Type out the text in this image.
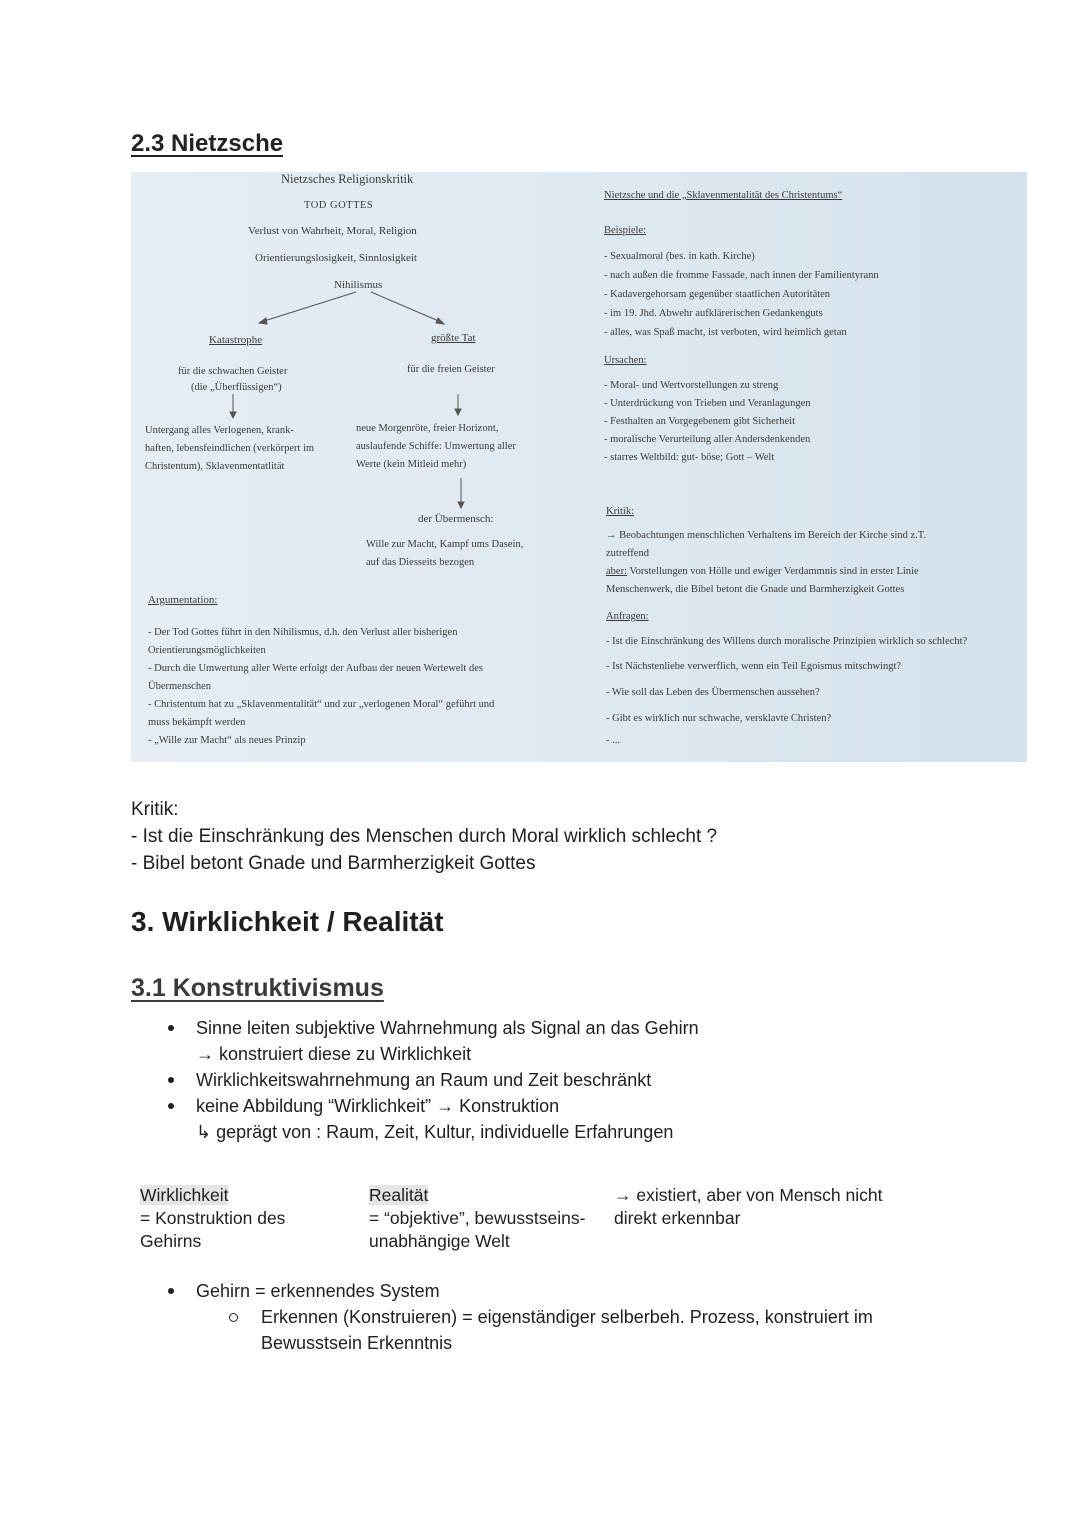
2.3 Nietzsche
Nietzsches Religionskritik
TOD GOTTES
Verlust von Wahrheit, Moral, Religion
Orientierungslosigkeit, Sinnlosigkeit
Nihilismus
Katastrophe	größte Tat
für die schwachen Geister
(die „Überflüssigen“)
für die freien Geister
Untergang alles Verlogenen, krank-
haften, lebensfeindlichen (verkörpert im
Christentum), Sklavenmentatlität
neue Morgenröte, freier Horizont,
auslaufende Schiffe: Umwertung aller
Werte (kein Mitleid mehr)
der Übermensch:
Wille zur Macht, Kampf ums Dasein,
auf das Diesseits bezogen
Argumentation:
- Der Tod Gottes führt in den Nihilismus, d.h. den Verlust aller bisherigen
Orientierungsmöglichkeiten
- Durch die Umwertung aller Werte erfolgt der Aufbau der neuen Wertewelt des
Übermenschen
- Christentum hat zu „Sklavenmentalität“ und zur „verlogenen Moral“ geführt und
muss bekämpft werden
- „Wille zur Macht“ als neues Prinzip
Nietzsche und die „Sklavenmentalität des Christentums“
Beispiele:
- Sexualmoral (bes. in kath. Kirche)
- nach außen die fromme Fassade, nach innen der Familientyrann
- Kadavergehorsam gegenüber staatlichen Autoritäten
- im 19. Jhd. Abwehr aufklärerischen Gedankenguts
- alles, was Spaß macht, ist verboten, wird heimlich getan
Ursachen:
- Moral- und Wertvorstellungen zu streng
- Unterdrückung von Trieben und Veranlagungen
- Festhalten an Vorgegebenem gibt Sicherheit
- moralische Verurteilung aller Andersdenkenden
- starres Weltbild: gut- böse; Gott – Welt
Kritik:
→ Beobachtungen menschlichen Verhaltens im Bereich der Kirche sind z.T.
zutreffend
aber: Vorstellungen von Hölle und ewiger Verdammnis sind in erster Linie
Menschenwerk, die Bibel betont die Gnade und Barmherzigkeit Gottes
Anfragen:
- Ist die Einschränkung des Willens durch moralische Prinzipien wirklich so schlecht?
- Ist Nächstenliebe verwerflich, wenn ein Teil Egoismus mitschwingt?
- Wie soll das Leben des Übermenschen aussehen?
- Gibt es wirklich nur schwache, versklavte Christen?
- ...
Kritik:
- Ist die Einschränkung des Menschen durch Moral wirklich schlecht ?
- Bibel betont Gnade und Barmherzigkeit Gottes
3. Wirklichkeit / Realität
3.1 Konstruktivismus
Sinne leiten subjektive Wahrnehmung als Signal an das Gehirn
→ konstruiert diese zu Wirklichkeit
Wirklichkeitswahrnehmung an Raum und Zeit beschränkt
keine Abbildung “Wirklichkeit” → Konstruktion
↳ geprägt von : Raum, Zeit, Kultur, individuelle Erfahrungen
Wirklichkeit
= Konstruktion des
Gehirns
Realität
= “objektive”, bewusstseins-
unabhängige Welt
→ existiert, aber von Mensch nicht
direkt erkennbar
Gehirn = erkennendes System
Erkennen (Konstruieren) = eigenständiger selberbeh. Prozess, konstruiert im
Bewusstsein Erkenntnis
